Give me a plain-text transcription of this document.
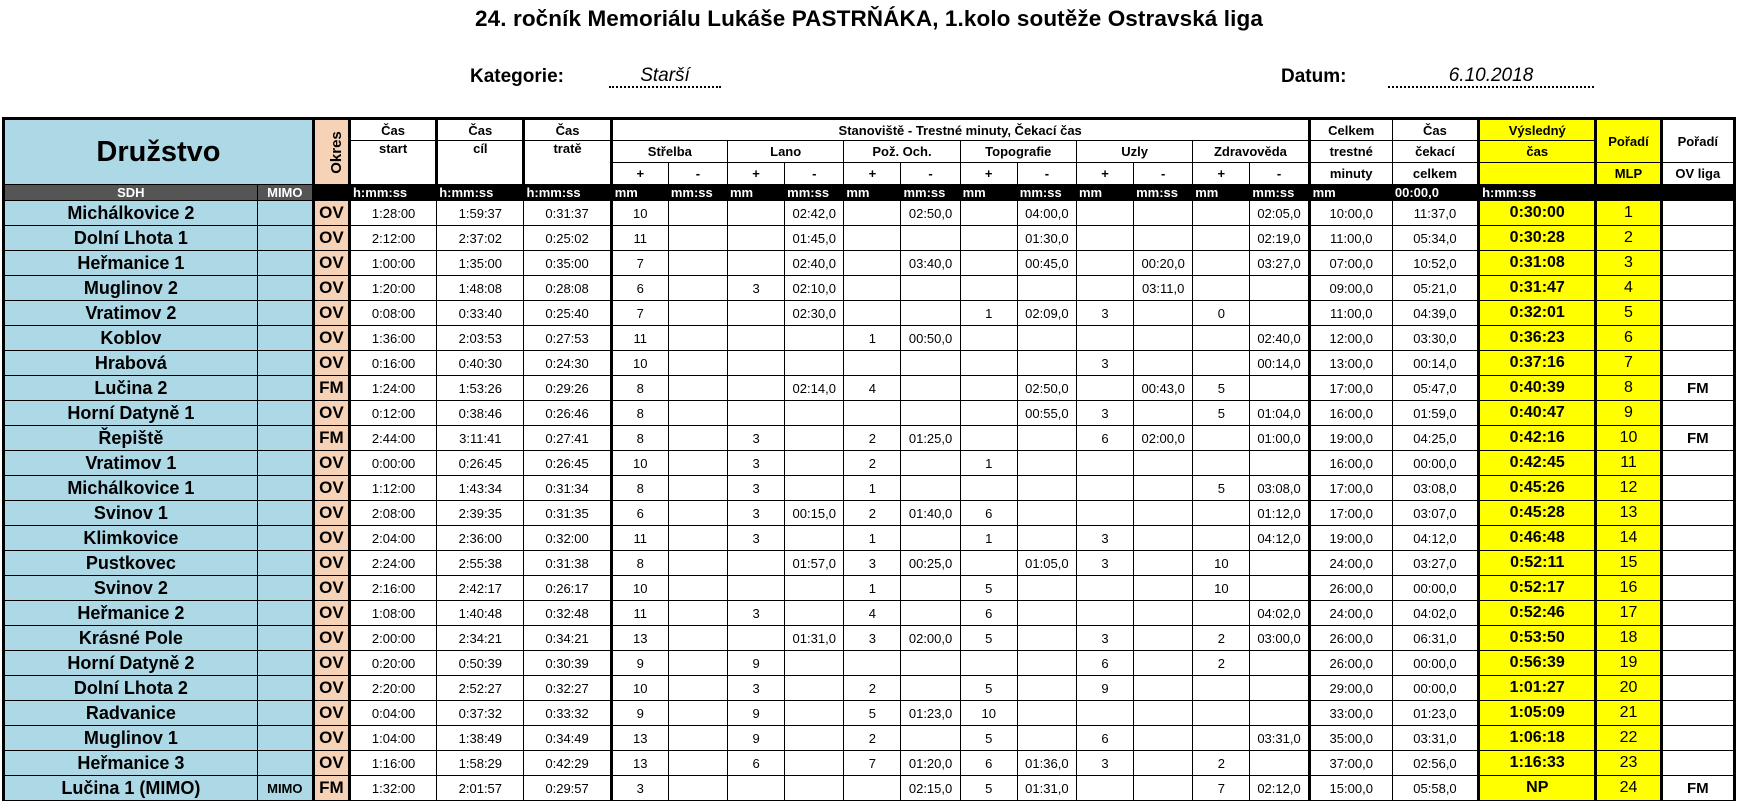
24. ročník Memoriálu Lukáše PASTRŇÁKA, 1.kolo soutěže Ostravská liga
Kategorie:	Starší	Datum:	6.10.2018
Družstvo		Okres	Čas	Čas	Čas	Stanoviště - Trestné minuty, Čekací čas												Celkem	Čas	Výsledný	Pořadí	Pořadí
			start	cíl	tratě	Střelba		Lano		Pož. Och.		Topografie		Uzly		Zdravověda		trestné	čekací	čas		
						+	-	+	-	+	-	+	-	+	-	+	-	minuty	celkem		MLP	OV liga
SDH	MIMO		h:mm:ss	h:mm:ss	h:mm:ss	mm	mm:ss	mm	mm:ss	mm	mm:ss	mm	mm:ss	mm	mm:ss	mm	mm:ss	mm	00:00,0	h:mm:ss		
Michálkovice 2		OV	1:28:00	1:59:37	0:31:37	10			02:42,0		02:50,0		04:00,0				02:05,0	10:00,0	11:37,0	0:30:00	1	
Dolní Lhota 1		OV	2:12:00	2:37:02	0:25:02	11			01:45,0				01:30,0				02:19,0	11:00,0	05:34,0	0:30:28	2	
Heřmanice 1		OV	1:00:00	1:35:00	0:35:00	7			02:40,0		03:40,0		00:45,0		00:20,0		03:27,0	07:00,0	10:52,0	0:31:08	3	
Muglinov 2		OV	1:20:00	1:48:08	0:28:08	6		3	02:10,0						03:11,0			09:00,0	05:21,0	0:31:47	4	
Vratimov 2		OV	0:08:00	0:33:40	0:25:40	7			02:30,0			1	02:09,0	3		0		11:00,0	04:39,0	0:32:01	5	
Koblov		OV	1:36:00	2:03:53	0:27:53	11				1	00:50,0						02:40,0	12:00,0	03:30,0	0:36:23	6	
Hrabová		OV	0:16:00	0:40:30	0:24:30	10								3			00:14,0	13:00,0	00:14,0	0:37:16	7	
Lučina 2		FM	1:24:00	1:53:26	0:29:26	8			02:14,0	4			02:50,0		00:43,0	5		17:00,0	05:47,0	0:40:39	8	FM
Horní Datyně 1		OV	0:12:00	0:38:46	0:26:46	8							00:55,0	3		5	01:04,0	16:00,0	01:59,0	0:40:47	9	
Řepiště		FM	2:44:00	3:11:41	0:27:41	8		3		2	01:25,0			6	02:00,0		01:00,0	19:00,0	04:25,0	0:42:16	10	FM
Vratimov 1		OV	0:00:00	0:26:45	0:26:45	10		3		2		1						16:00,0	00:00,0	0:42:45	11	
Michálkovice 1		OV	1:12:00	1:43:34	0:31:34	8		3		1						5	03:08,0	17:00,0	03:08,0	0:45:26	12	
Svinov 1		OV	2:08:00	2:39:35	0:31:35	6		3	00:15,0	2	01:40,0	6					01:12,0	17:00,0	03:07,0	0:45:28	13	
Klimkovice		OV	2:04:00	2:36:00	0:32:00	11		3		1		1		3			04:12,0	19:00,0	04:12,0	0:46:48	14	
Pustkovec		OV	2:24:00	2:55:38	0:31:38	8			01:57,0	3	00:25,0		01:05,0	3		10		24:00,0	03:27,0	0:52:11	15	
Svinov 2		OV	2:16:00	2:42:17	0:26:17	10				1		5				10		26:00,0	00:00,0	0:52:17	16	
Heřmanice 2		OV	1:08:00	1:40:48	0:32:48	11		3		4		6					04:02,0	24:00,0	04:02,0	0:52:46	17	
Krásné Pole		OV	2:00:00	2:34:21	0:34:21	13			01:31,0	3	02:00,0	5		3		2	03:00,0	26:00,0	06:31,0	0:53:50	18	
Horní Datyně 2		OV	0:20:00	0:50:39	0:30:39	9		9						6		2		26:00,0	00:00,0	0:56:39	19	
Dolní Lhota 2		OV	2:20:00	2:52:27	0:32:27	10		3		2		5		9				29:00,0	00:00,0	1:01:27	20	
Radvanice		OV	0:04:00	0:37:32	0:33:32	9		9		5	01:23,0	10						33:00,0	01:23,0	1:05:09	21	
Muglinov 1		OV	1:04:00	1:38:49	0:34:49	13		9		2		5		6			03:31,0	35:00,0	03:31,0	1:06:18	22	
Heřmanice 3		OV	1:16:00	1:58:29	0:42:29	13		6		7	01:20,0	6	01:36,0	3		2		37:00,0	02:56,0	1:16:33	23	
Lučina 1 (MIMO)	MIMO	FM	1:32:00	2:01:57	0:29:57	3					02:15,0	5	01:31,0			7	02:12,0	15:00,0	05:58,0	NP	24	FM
